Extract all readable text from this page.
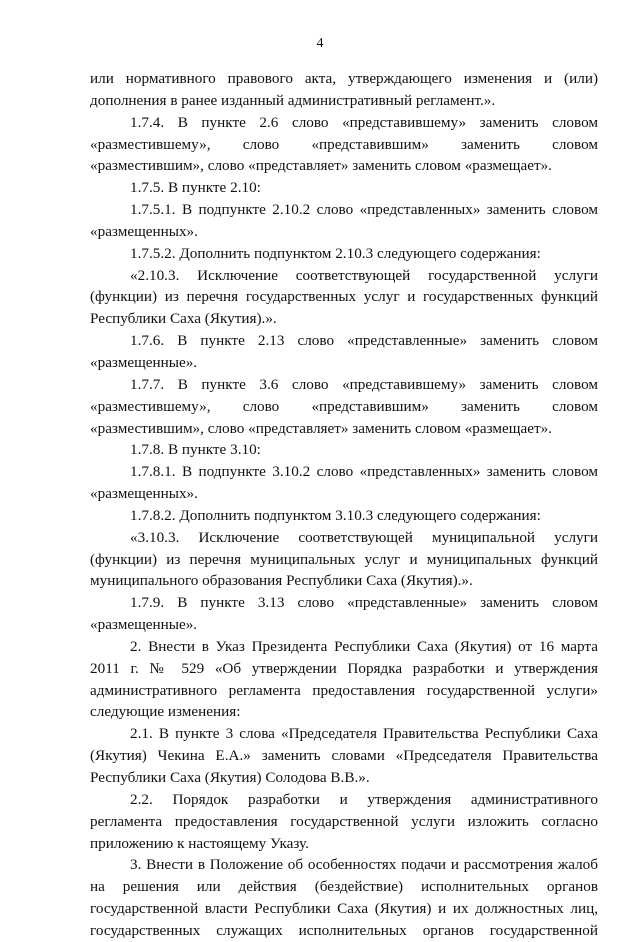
4
или нормативного правового акта, утверждающего изменения и (или)
дополнения в ранее изданный административный регламент.».
1.7.4. В пункте 2.6 слово «представившему» заменить словом
«разместившему», слово «представившим» заменить словом
«разместившим», слово «представляет» заменить словом «размещает».
1.7.5. В пункте 2.10:
1.7.5.1. В подпункте 2.10.2 слово «представленных» заменить словом
«размещенных».
1.7.5.2. Дополнить подпунктом 2.10.3 следующего содержания:
«2.10.3. Исключение соответствующей государственной услуги
(функции) из перечня государственных услуг и государственных функций
Республики Саха (Якутия).».
1.7.6. В пункте 2.13 слово «представленные» заменить словом
«размещенные».
1.7.7. В пункте 3.6 слово «представившему» заменить словом
«разместившему», слово «представившим» заменить словом
«разместившим», слово «представляет» заменить словом «размещает».
1.7.8. В пункте 3.10:
1.7.8.1. В подпункте 3.10.2 слово «представленных» заменить словом
«размещенных».
1.7.8.2. Дополнить подпунктом 3.10.3 следующего содержания:
«3.10.3. Исключение соответствующей муниципальной услуги
(функции) из перечня муниципальных услуг и муниципальных функций
муниципального образования Республики Саха (Якутия).».
1.7.9. В пункте 3.13 слово «представленные» заменить словом
«размещенные».
2. Внести в Указ Президента Республики Саха (Якутия) от 16 марта
2011 г. № 529 «Об утверждении Порядка разработки и утверждения
административного регламента предоставления государственной услуги»
следующие изменения:
2.1. В пункте 3 слова «Председателя Правительства Республики Саха
(Якутия) Чекина Е.А.» заменить словами «Председателя Правительства
Республики Саха (Якутия) Солодова В.В.».
2.2. Порядок разработки и утверждения административного
регламента предоставления государственной услуги изложить согласно
приложению к настоящему Указу.
3. Внести в Положение об особенностях подачи и рассмотрения жалоб
на решения или действия (бездействие) исполнительных органов
государственной власти Республики Саха (Якутия) и их должностных лиц,
государственных служащих исполнительных органов государственной
